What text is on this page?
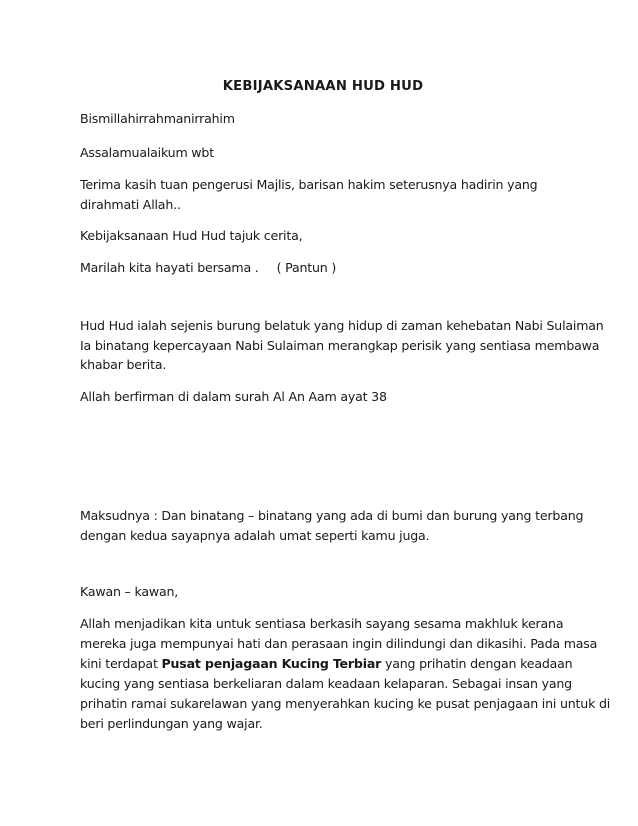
KEBIJAKSANAAN HUD HUD
Bismillahirrahmanirrahim
Assalamualaikum wbt
Terima kasih tuan pengerusi Majlis, barisan hakim seterusnya hadirin yang
dirahmati Allah..
Kebijaksanaan Hud Hud tajuk cerita,
Marilah kita hayati bersama . ( Pantun )
Hud Hud ialah sejenis burung belatuk yang hidup di zaman kehebatan Nabi Sulaiman
Ia binatang kepercayaan Nabi Sulaiman merangkap perisik yang sentiasa membawa
khabar berita.
Allah berfirman di dalam surah Al An Aam ayat 38
Maksudnya : Dan binatang – binatang yang ada di bumi dan burung yang terbang
dengan kedua sayapnya adalah umat seperti kamu juga.
Kawan – kawan,
Allah menjadikan kita untuk sentiasa berkasih sayang sesama makhluk kerana
mereka juga mempunyai hati dan perasaan ingin dilindungi dan dikasihi. Pada masa
kini terdapat Pusat penjagaan Kucing Terbiar yang prihatin dengan keadaan
kucing yang sentiasa berkeliaran dalam keadaan kelaparan. Sebagai insan yang
prihatin ramai sukarelawan yang menyerahkan kucing ke pusat penjagaan ini untuk di
beri perlindungan yang wajar.
